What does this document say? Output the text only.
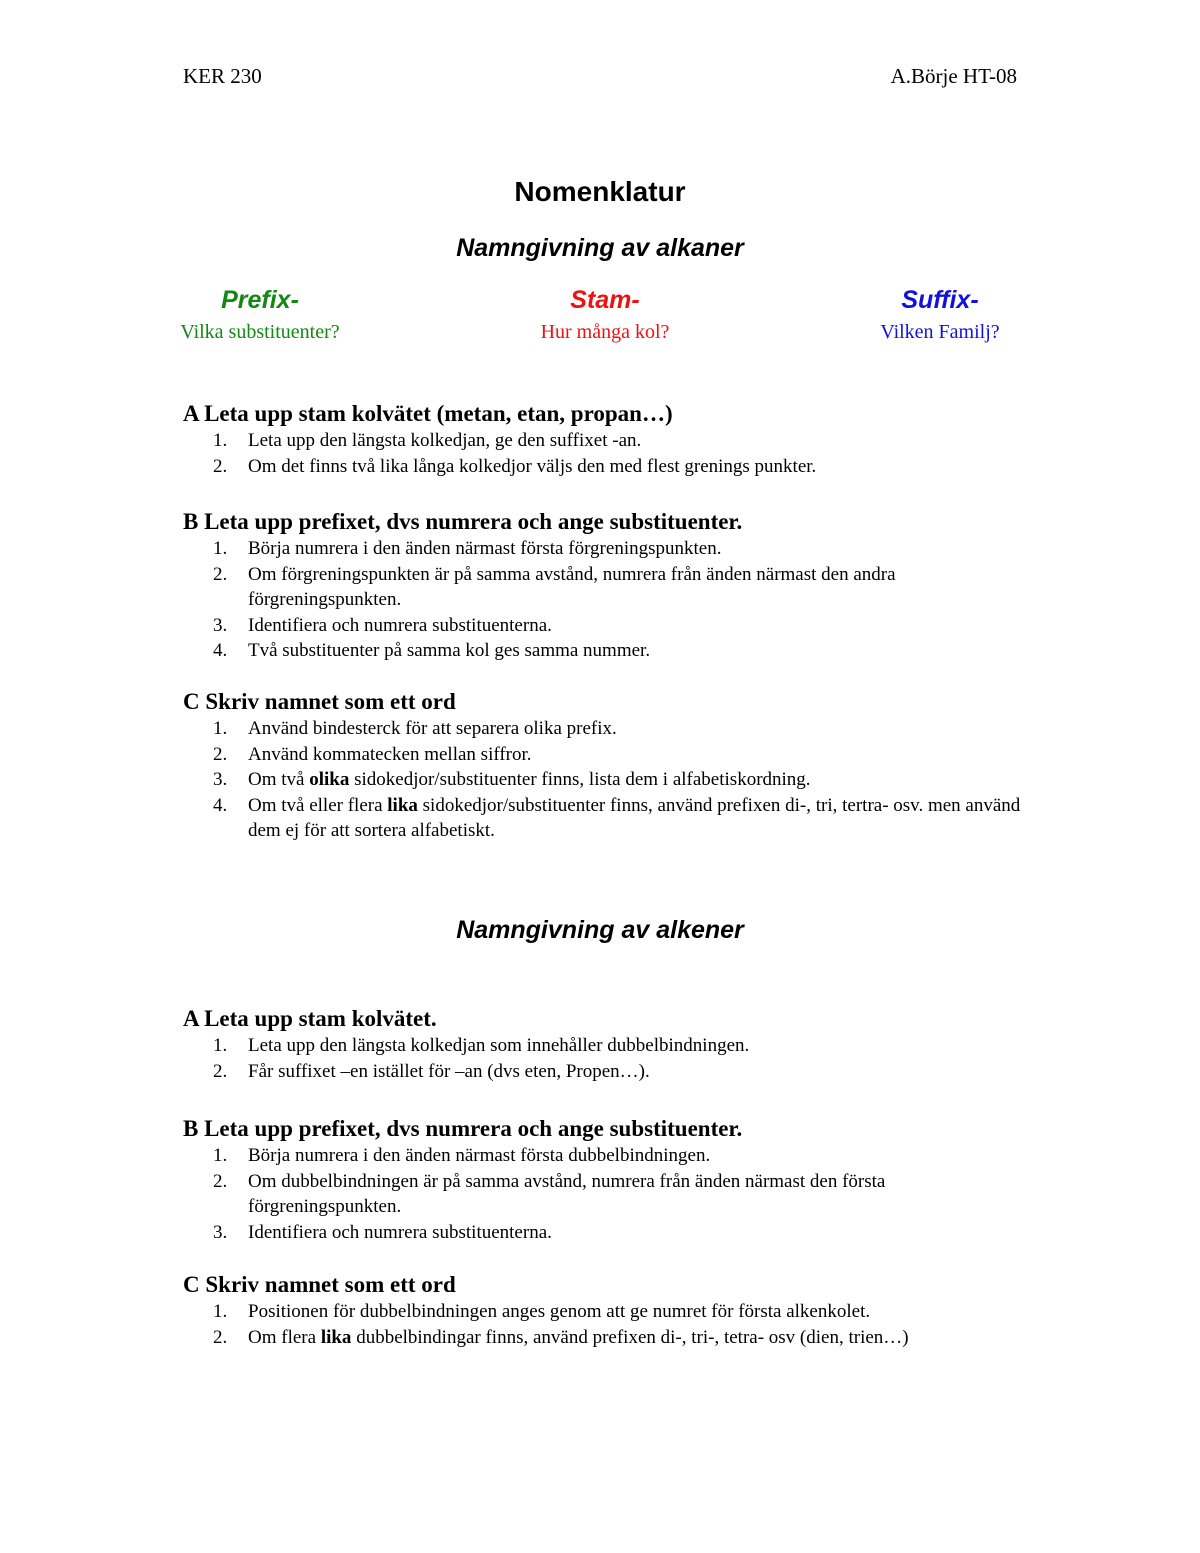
KER 230	A.Börje HT-08
Nomenklatur
Namngivning av alkaner
Prefix-
Vilka substituenter?
Stam-
Hur många kol?
Suffix-
Vilken Familj?
A Leta upp stam kolvätet (metan, etan, propan…)
1.	Leta upp den längsta kolkedjan, ge den suffixet -an.
2.	Om det finns två lika långa kolkedjor väljs den med flest grenings punkter.
B Leta upp prefixet, dvs numrera och ange substituenter.
1.	Börja numrera i den änden närmast första förgreningspunkten.
2.	Om förgreningspunkten är på samma avstånd, numrera från änden närmast den andra förgreningspunkten.
3.	Identifiera och numrera substituenterna.
4.	Två substituenter på samma kol ges samma nummer.
C Skriv namnet som ett ord
1.	Använd bindesterck för att separera olika prefix.
2.	Använd kommatecken mellan siffror.
3.	Om två olika sidokedjor/substituenter finns, lista dem i alfabetiskordning.
4.	Om två eller flera lika sidokedjor/substituenter finns, använd prefixen di-, tri, tertra- osv. men använd dem ej för att sortera alfabetiskt.
Namngivning av alkener
A Leta upp stam kolvätet.
1.	Leta upp den längsta kolkedjan som innehåller dubbelbindningen.
2.	Får suffixet –en istället för –an (dvs eten, Propen…).
B Leta upp prefixet, dvs numrera och ange substituenter.
1.	Börja numrera i den änden närmast första dubbelbindningen.
2.	Om dubbelbindningen är på samma avstånd, numrera från änden närmast den första förgreningspunkten.
3.	Identifiera och numrera substituenterna.
C Skriv namnet som ett ord
1.	Positionen för dubbelbindningen anges genom att ge numret för första alkenkolet.
2.	Om flera lika dubbelbindingar finns, använd prefixen di-, tri-, tetra- osv (dien, trien…)
